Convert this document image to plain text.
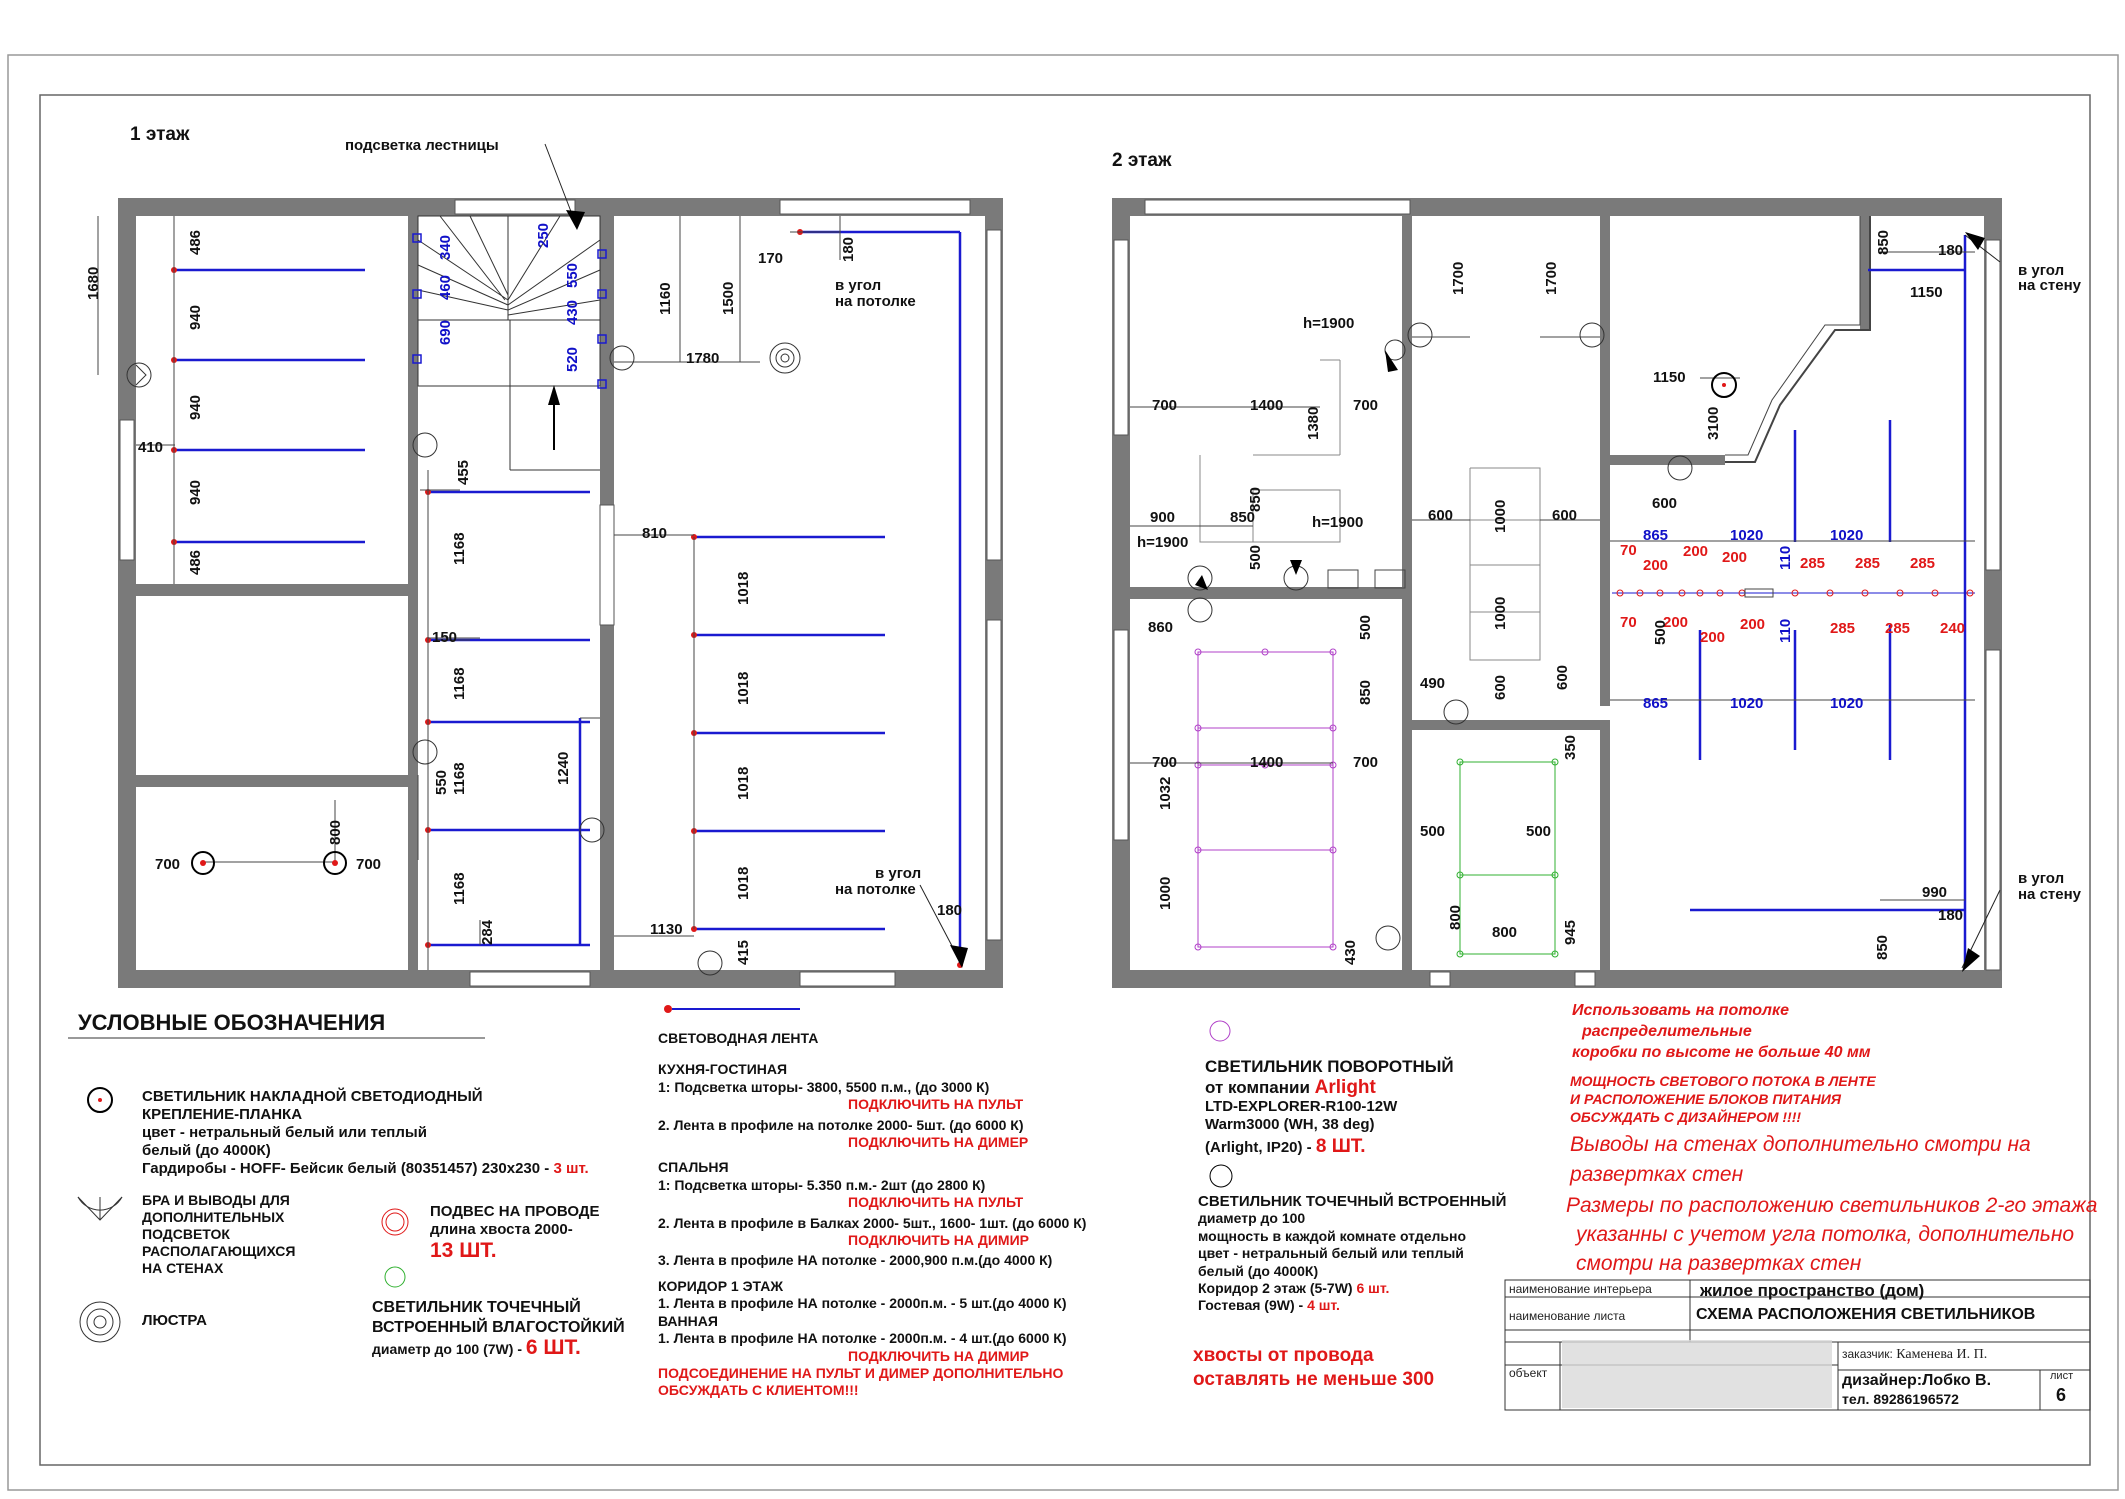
1 этаж
2 этаж
1680
486
940
940
940
486
410
340
460
690
250
550
430
520
1160	1500
170	180
1780
455
1168
150
1168
1168
1168
284
1240
550
810
1018
1018
1018
1018
1130
415
180
800
700	700
подсветка лестницы
в угол
на потолке
в угол
на потолке
700	1400	700
1380
850
900	850
500
600	1000
1000
600
600	600
860
490
1700	1700
500
850
700	1400	700
1032
1000
430
350
500	500
800
800	945
850	180
1150
1150
3100
600
865	1020	1020
70
200
200 200 110 285 285 285
70 200
200
200 110 285 285 240
500
865	1020	1020
990
180
850
h=1900
h=1900
h=1900
в угол
на стену
в угол
на стену
УСЛОВНЫЕ ОБОЗНАЧЕНИЯ
СВЕТИЛЬНИК НАКЛАДНОЙ СВЕТОДИОДНЫЙ
КРЕПЛЕНИЕ-ПЛАНКА
цвет - нетральный белый или теплый
белый (до 4000К)
Гардиробы - HOFF- Бейсик белый (80351457) 230x230 - 3 шт.
БРА И ВЫВОДЫ ДЛЯ
ДОПОЛНИТЕЛЬНЫХ
ПОДСВЕТОК
РАСПОЛАГАЮЩИХСЯ
НА СТЕНАХ
ЛЮСТРА
ПОДВЕС НА ПРОВОДЕ
длина хвоста 2000-
13 ШТ.
СВЕТИЛЬНИК ТОЧЕЧНЫЙ
ВСТРОЕННЫЙ ВЛАГОСТОЙКИЙ
диаметр до 100 (7W) - 6 ШТ.
СВЕТОВОДНАЯ ЛЕНТА
КУХНЯ-ГОСТИНАЯ
1: Подсветка шторы- 3800, 5500 п.м., (до 3000 К)
ПОДКЛЮЧИТЬ НА ПУЛЬТ
2. Лента в профиле на потолке 2000- 5шт. (до 6000 К)
ПОДКЛЮЧИТЬ НА ДИМЕР
СПАЛЬНЯ
1: Подсветка шторы- 5.350 п.м.- 2шт (до 2800 К)
ПОДКЛЮЧИТЬ НА ПУЛЬТ
2. Лента в профиле в Балках 2000- 5шт., 1600- 1шт. (до 6000 К)
ПОДКЛЮЧИТЬ НА ДИМИР
3. Лента в профиле НА потолке - 2000,900 п.м.(до 4000 К)
КОРИДОР 1 ЭТАЖ
1. Лента в профиле НА потолке - 2000п.м. - 5 шт.(до 4000 К)
ВАННАЯ
1. Лента в профиле НА потолке - 2000п.м. - 4 шт.(до 6000 К)
ПОДКЛЮЧИТЬ НА ДИМИР
ПОДСОЕДИНЕНИЕ НА ПУЛЬТ И ДИМЕР ДОПОЛНИТЕЛЬНО
ОБСУЖДАТЬ С КЛИЕНТОМ!!!
СВЕТИЛЬНИК ПОВОРОТНЫЙ
от компании Arlight
LTD-EXPLORER-R100-12W
Warm3000 (WH, 38 deg)
(Arlight, IP20) - 8 ШТ.
СВЕТИЛЬНИК ТОЧЕЧНЫЙ ВСТРОЕННЫЙ
диаметр до 100
мощность в каждой комнате отдельно
цвет - нетральный белый или теплый
белый (до 4000К)
Коридор 2 этаж (5-7W) 6 шт.
Гостевая (9W) - 4 шт.
хвосты от провода
оставлять не меньше 300
Использовать на потолке
распределительные
коробки по высоте не больше 40 мм
МОЩНОСТЬ СВЕТОВОГО ПОТОКА В ЛЕНТЕ
И РАСПОЛОЖЕНИЕ БЛОКОВ ПИТАНИЯ
ОБСУЖДАТЬ С ДИЗАЙНЕРОМ !!!!
Выводы на стенах дополнительно смотри на
развертках стен
Размеры по расположению светильников 2-го этажа
указанны с учетом угла потолка, дополнительно
смотри на развертках стен
наименование интерьера	жилое пространство (дом)
наименование листа	СХЕМА РАСПОЛОЖЕНИЯ СВЕТИЛЬНИКОВ
объект
заказчик: Каменева И. П.
дизайнер:Лобко В.
тел. 89286196572
лист
6
